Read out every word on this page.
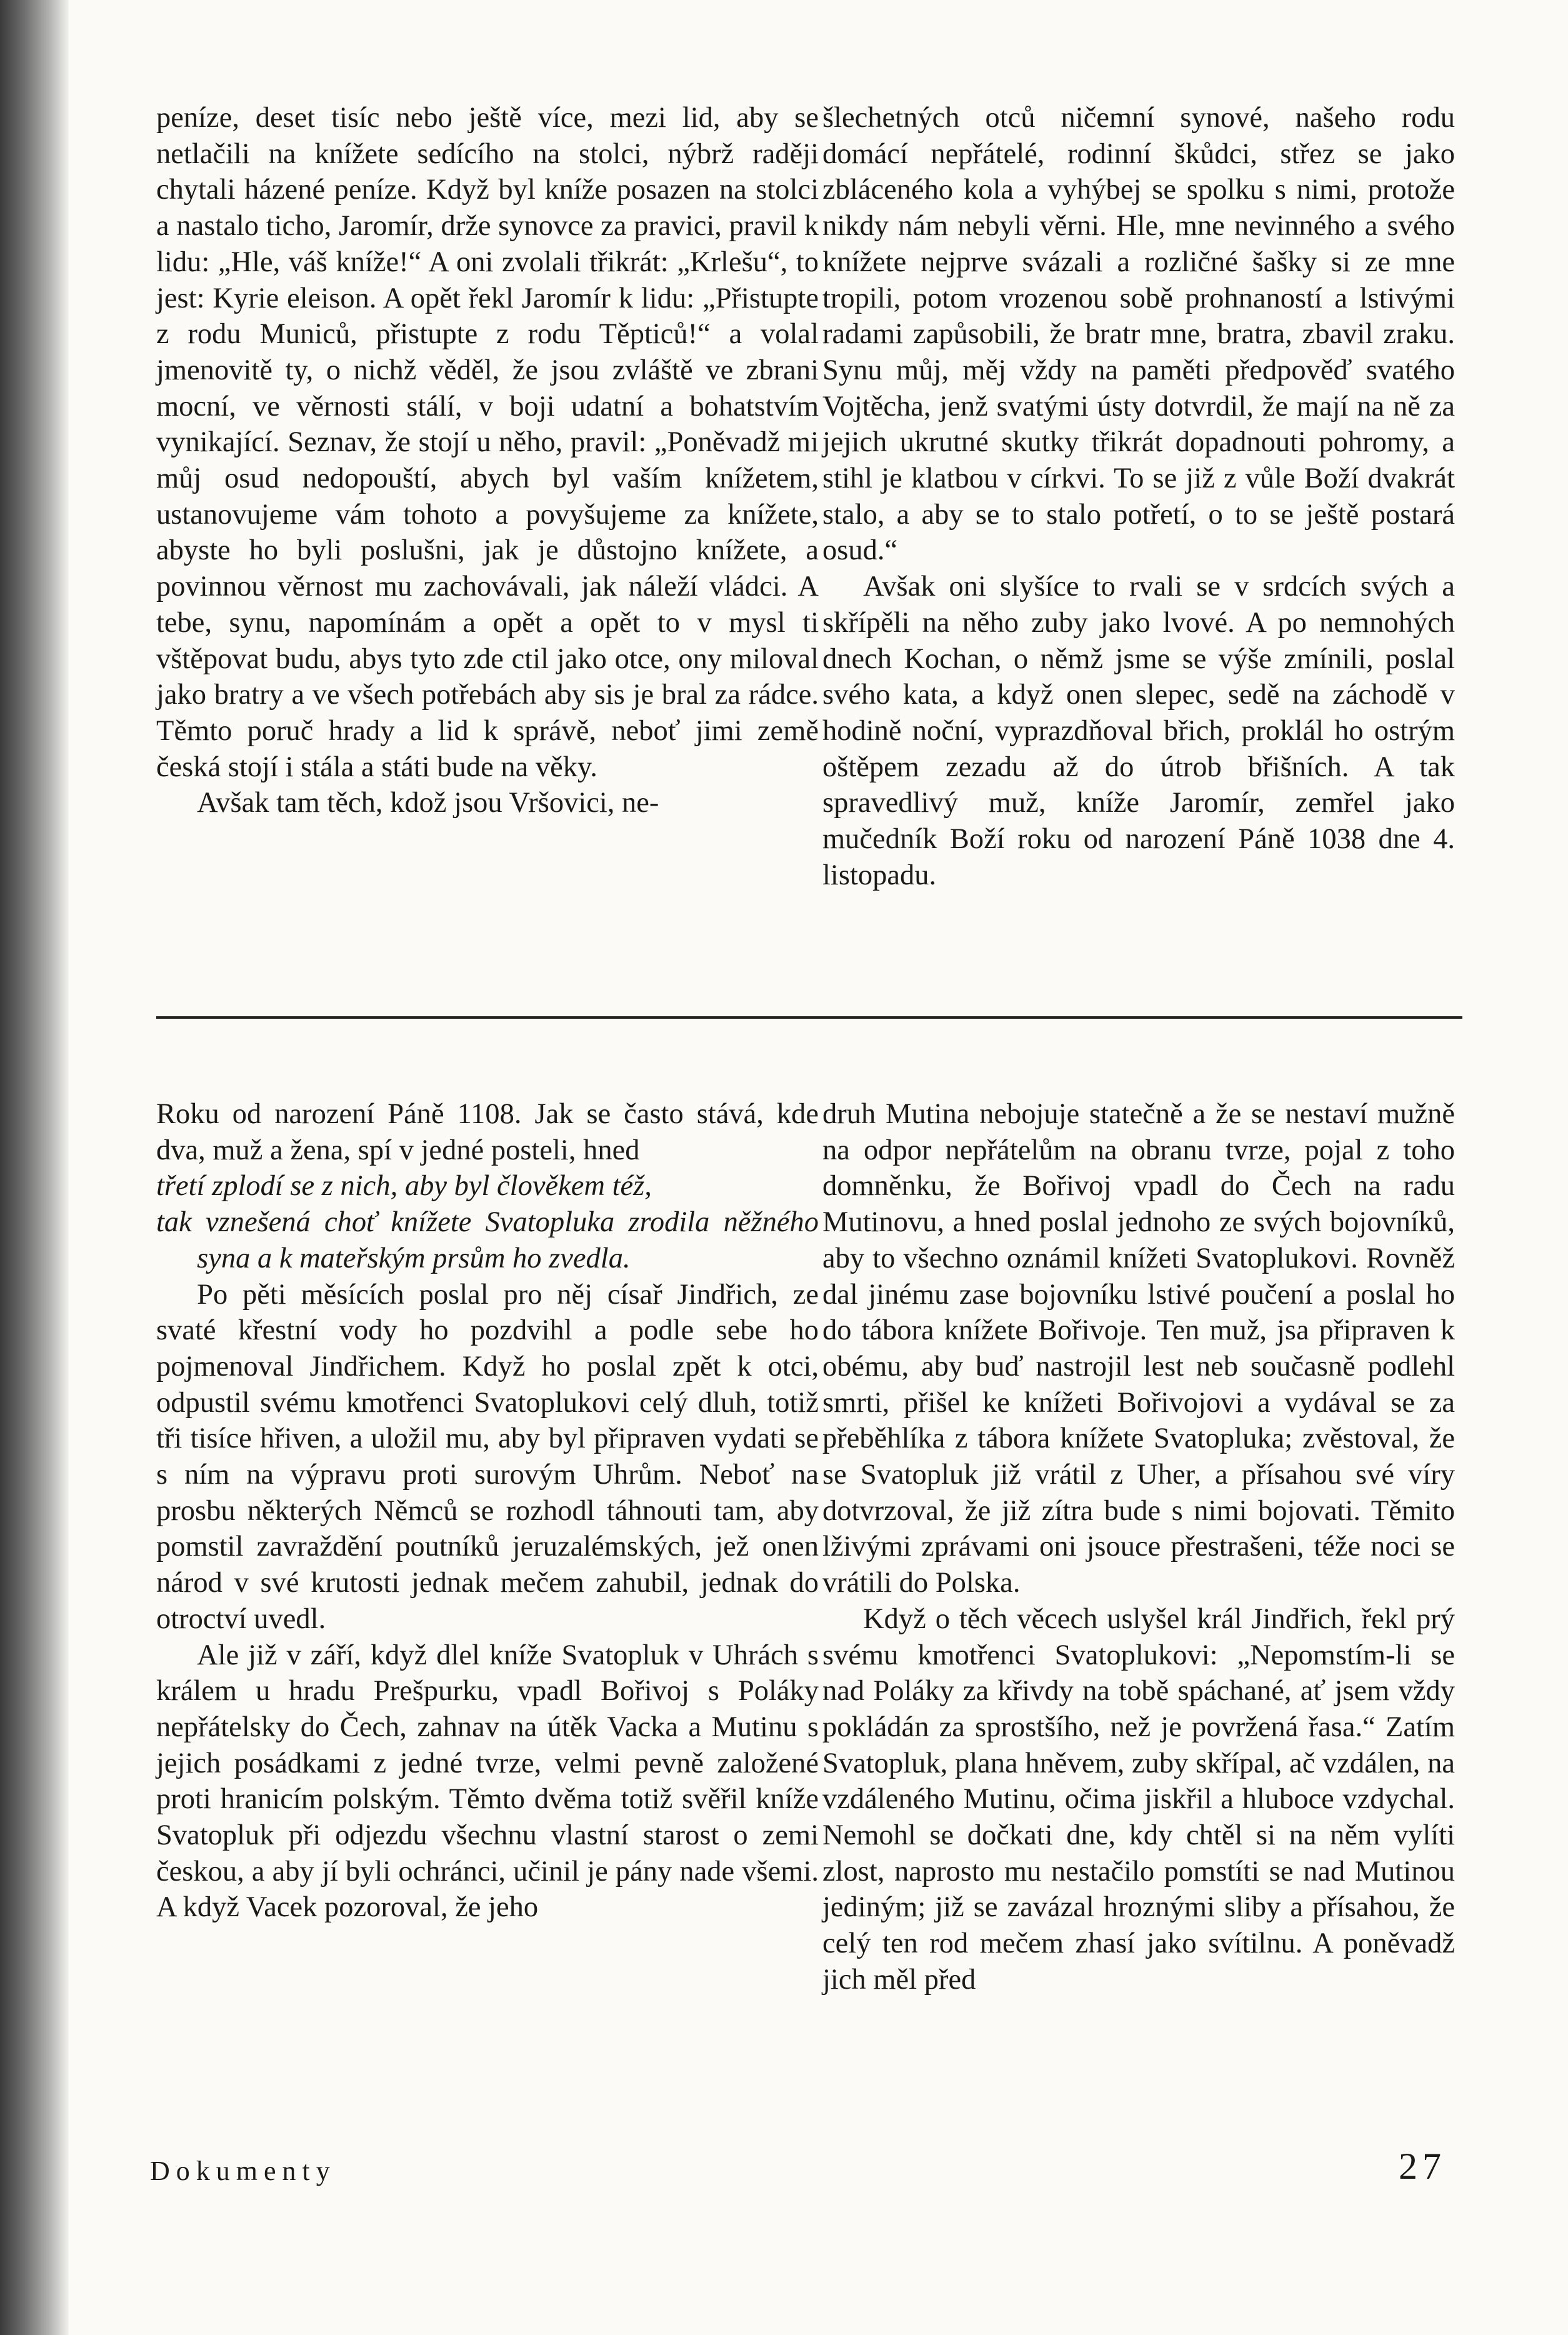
peníze, deset tisíc nebo ještě více, mezi lid, aby se netlačili na knížete sedícího na stolci, nýbrž raději chytali házené peníze. Když byl kníže posazen na stolci a nastalo ticho, Jaromír, drže synovce za pravici, pravil k lidu: „Hle, váš kníže!“ A oni zvolali třikrát: „Krlešu“, to jest: Kyrie eleison. A opět řekl Jaromír k lidu: „Přistupte z rodu Municů, přistupte z rodu Těpticů!“ a volal jmenovitě ty, o nichž věděl, že jsou zvláště ve zbrani mocní, ve věrnosti stálí, v boji udatní a bohatstvím vynikající. Seznav, že stojí u něho, pravil: „Poněvadž mi můj osud nedopouští, abych byl vaším knížetem, ustanovujeme vám tohoto a povyšujeme za knížete, abyste ho byli poslušni, jak je důstojno knížete, a povinnou věrnost mu zachovávali, jak náleží vládci. A tebe, synu, napomínám a opět a opět to v mysl ti vštěpovat budu, abys tyto zde ctil jako otce, ony miloval jako bratry a ve všech potřebách aby sis je bral za rádce. Těmto poruč hrady a lid k správě, neboť jimi země česká stojí i stála a státi bude na věky.

Avšak tam těch, kdož jsou Vršovici, ne-

šlechetných otců ničemní synové, našeho rodu domácí nepřátelé, rodinní škůdci, střez se jako zbláceného kola a vyhýbej se spolku s nimi, protože nikdy nám nebyli věrni. Hle, mne nevinného a svého knížete nejprve svázali a rozličné šašky si ze mne tropili, potom vrozenou sobě prohnaností a lstivými radami zapůsobili, že bratr mne, bratra, zbavil zraku. Synu můj, měj vždy na paměti předpověď svatého Vojtěcha, jenž svatými ústy dotvrdil, že mají na ně za jejich ukrutné skutky třikrát dopadnouti pohromy, a stihl je klatbou v církvi. To se již z vůle Boží dvakrát stalo, a aby se to stalo potřetí, o to se ještě postará osud.“

Avšak oni slyšíce to rvali se v srdcích svých a skřípěli na něho zuby jako lvové. A po nemnohých dnech Kochan, o němž jsme se výše zmínili, poslal svého kata, a když onen slepec, sedě na záchodě v hodině noční, vyprazdňoval břich, proklál ho ostrým oštěpem zezadu až do útrob břišních. A tak spravedlivý muž, kníže Jaromír, zemřel jako mučedník Boží roku od narození Páně 1038 dne 4. listopadu.

Roku od narození Páně 1108. Jak se často stává, kde dva, muž a žena, spí v jedné posteli, hned

třetí zplodí se z nich, aby byl člověkem též,

tak vznešená choť knížete Svatopluka zrodila něžného syna a k mateřským prsům ho zvedla.

Po pěti měsících poslal pro něj císař Jindřich, ze svaté křestní vody ho pozdvihl a podle sebe ho pojmenoval Jindřichem. Když ho poslal zpět k otci, odpustil svému kmotřenci Svatoplukovi celý dluh, totiž tři tisíce hřiven, a uložil mu, aby byl připraven vydati se s ním na výpravu proti surovým Uhrům. Neboť na prosbu některých Němců se rozhodl táhnouti tam, aby pomstil zavraždění poutníků jeruzalémských, jež onen národ v své krutosti jednak mečem zahubil, jednak do otroctví uvedl.

Ale již v září, když dlel kníže Svatopluk v Uhrách s králem u hradu Prešpurku, vpadl Bořivoj s Poláky nepřátelsky do Čech, zahnav na útěk Vacka a Mutinu s jejich posádkami z jedné tvrze, velmi pevně založené proti hranicím polským. Těmto dvěma totiž svěřil kníže Svatopluk při odjezdu všechnu vlastní starost o zemi českou, a aby jí byli ochránci, učinil je pány nade všemi. A když Vacek pozoroval, že jeho

druh Mutina nebojuje statečně a že se nestaví mužně na odpor nepřátelům na obranu tvrze, pojal z toho domněnku, že Bořivoj vpadl do Čech na radu Mutinovu, a hned poslal jednoho ze svých bojovníků, aby to všechno oznámil knížeti Svatoplukovi. Rovněž dal jinému zase bojovníku lstivé poučení a poslal ho do tábora knížete Bořivoje. Ten muž, jsa připraven k obému, aby buď nastrojil lest neb současně podlehl smrti, přišel ke knížeti Bořivojovi a vydával se za přeběhlíka z tábora knížete Svatopluka; zvěstoval, že se Svatopluk již vrátil z Uher, a přísahou své víry dotvrzoval, že již zítra bude s nimi bojovati. Těmito lživými zprávami oni jsouce přestrašeni, téže noci se vrátili do Polska.

Když o těch věcech uslyšel král Jindřich, řekl prý svému kmotřenci Svatoplukovi: „Nepomstím-li se nad Poláky za křivdy na tobě spáchané, ať jsem vždy pokládán za sprostšího, než je povržená řasa.“ Zatím Svatopluk, plana hněvem, zuby skřípal, ač vzdálen, na vzdáleného Mutinu, očima jiskřil a hluboce vzdychal. Nemohl se dočkati dne, kdy chtěl si na něm vylíti zlost, naprosto mu nestačilo pomstíti se nad Mutinou jediným; již se zavázal hroznými sliby a přísahou, že celý ten rod mečem zhasí jako svítilnu. A poněvadž jich měl před

Dokumenty	27
